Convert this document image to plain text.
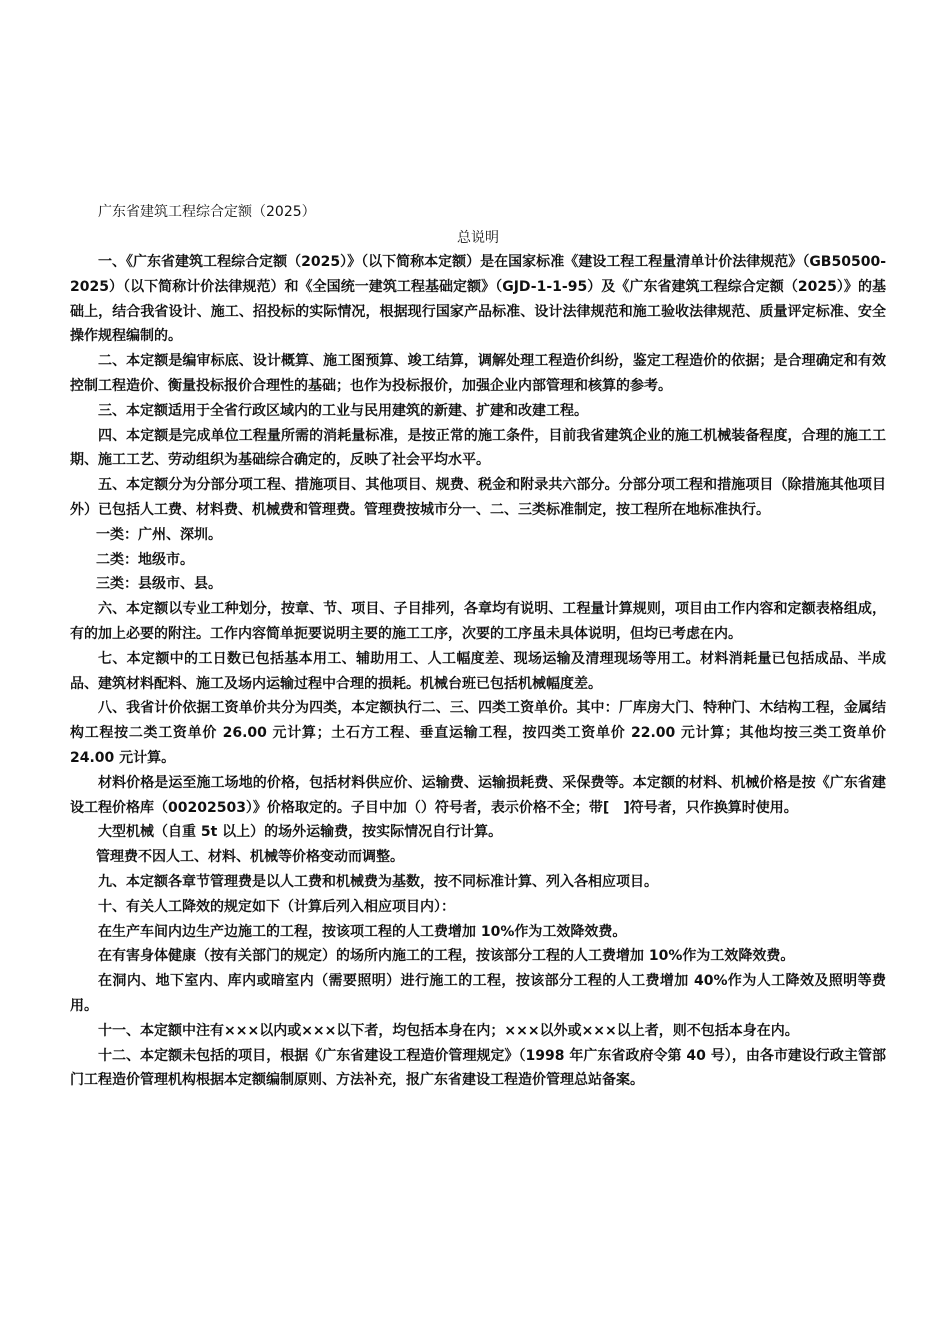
广东省建筑工程综合定额（2025）
总说明

一、《广东省建筑工程综合定额（2025）》（以下简称本定额）是在国家标准《建设工程工程量清单计价法律规范》（GB50500-2025）（以下简称计价法律规范）和《全国统一建筑工程基础定额》（GJD-1-1-95）及《广东省建筑工程综合定额（2025）》的基础上，结合我省设计、施工、招投标的实际情况，根据现行国家产品标准、设计法律规范和施工验收法律规范、质量评定标准、安全操作规程编制的。

二、本定额是编审标底、设计概算、施工图预算、竣工结算，调解处理工程造价纠纷，鉴定工程造价的依据；是合理确定和有效控制工程造价、衡量投标报价合理性的基础；也作为投标报价，加强企业内部管理和核算的参考。

三、本定额适用于全省行政区域内的工业与民用建筑的新建、扩建和改建工程。

四、本定额是完成单位工程量所需的消耗量标准，是按正常的施工条件，目前我省建筑企业的施工机械装备程度，合理的施工工期、施工工艺、劳动组织为基础综合确定的，反映了社会平均水平。

五、本定额分为分部分项工程、措施项目、其他项目、规费、税金和附录共六部分。分部分项工程和措施项目（除措施其他项目外）已包括人工费、材料费、机械费和管理费。管理费按城市分一、二、三类标准制定，按工程所在地标准执行。

一类：广州、深圳。

二类：地级市。

三类：县级市、县。

六、本定额以专业工种划分，按章、节、项目、子目排列，各章均有说明、工程量计算规则，项目由工作内容和定额表格组成，有的加上必要的附注。工作内容简单扼要说明主要的施工工序，次要的工序虽未具体说明，但均已考虑在内。

七、本定额中的工日数已包括基本用工、辅助用工、人工幅度差、现场运输及清理现场等用工。材料消耗量已包括成品、半成品、建筑材料配料、施工及场内运输过程中合理的损耗。机械台班已包括机械幅度差。

八、我省计价依据工资单价共分为四类，本定额执行二、三、四类工资单价。其中：厂库房大门、特种门、木结构工程，金属结构工程按二类工资单价 26.00 元计算；土石方工程、垂直运输工程，按四类工资单价 22.00 元计算；其他均按三类工资单价 24.00 元计算。

材料价格是运至施工场地的价格，包括材料供应价、运输费、运输损耗费、采保费等。本定额的材料、机械价格是按《广东省建设工程价格库（00202503）》价格取定的。子目中加（）符号者，表示价格不全；带[　]符号者，只作换算时使用。

大型机械（自重 5t 以上）的场外运输费，按实际情况自行计算。

管理费不因人工、材料、机械等价格变动而调整。

九、本定额各章节管理费是以人工费和机械费为基数，按不同标准计算、列入各相应项目。

十、有关人工降效的规定如下（计算后列入相应项目内）：

在生产车间内边生产边施工的工程，按该项工程的人工费增加 10%作为工效降效费。

在有害身体健康（按有关部门的规定）的场所内施工的工程，按该部分工程的人工费增加 10%作为工效降效费。

在洞内、地下室内、库内或暗室内（需要照明）进行施工的工程，按该部分工程的人工费增加 40%作为人工降效及照明等费用。

十一、本定额中注有×××以内或×××以下者，均包括本身在内；×××以外或×××以上者，则不包括本身在内。

十二、本定额未包括的项目，根据《广东省建设工程造价管理规定》（1998 年广东省政府令第 40 号），由各市建设行政主管部门工程造价管理机构根据本定额编制原则、方法补充，报广东省建设工程造价管理总站备案。
